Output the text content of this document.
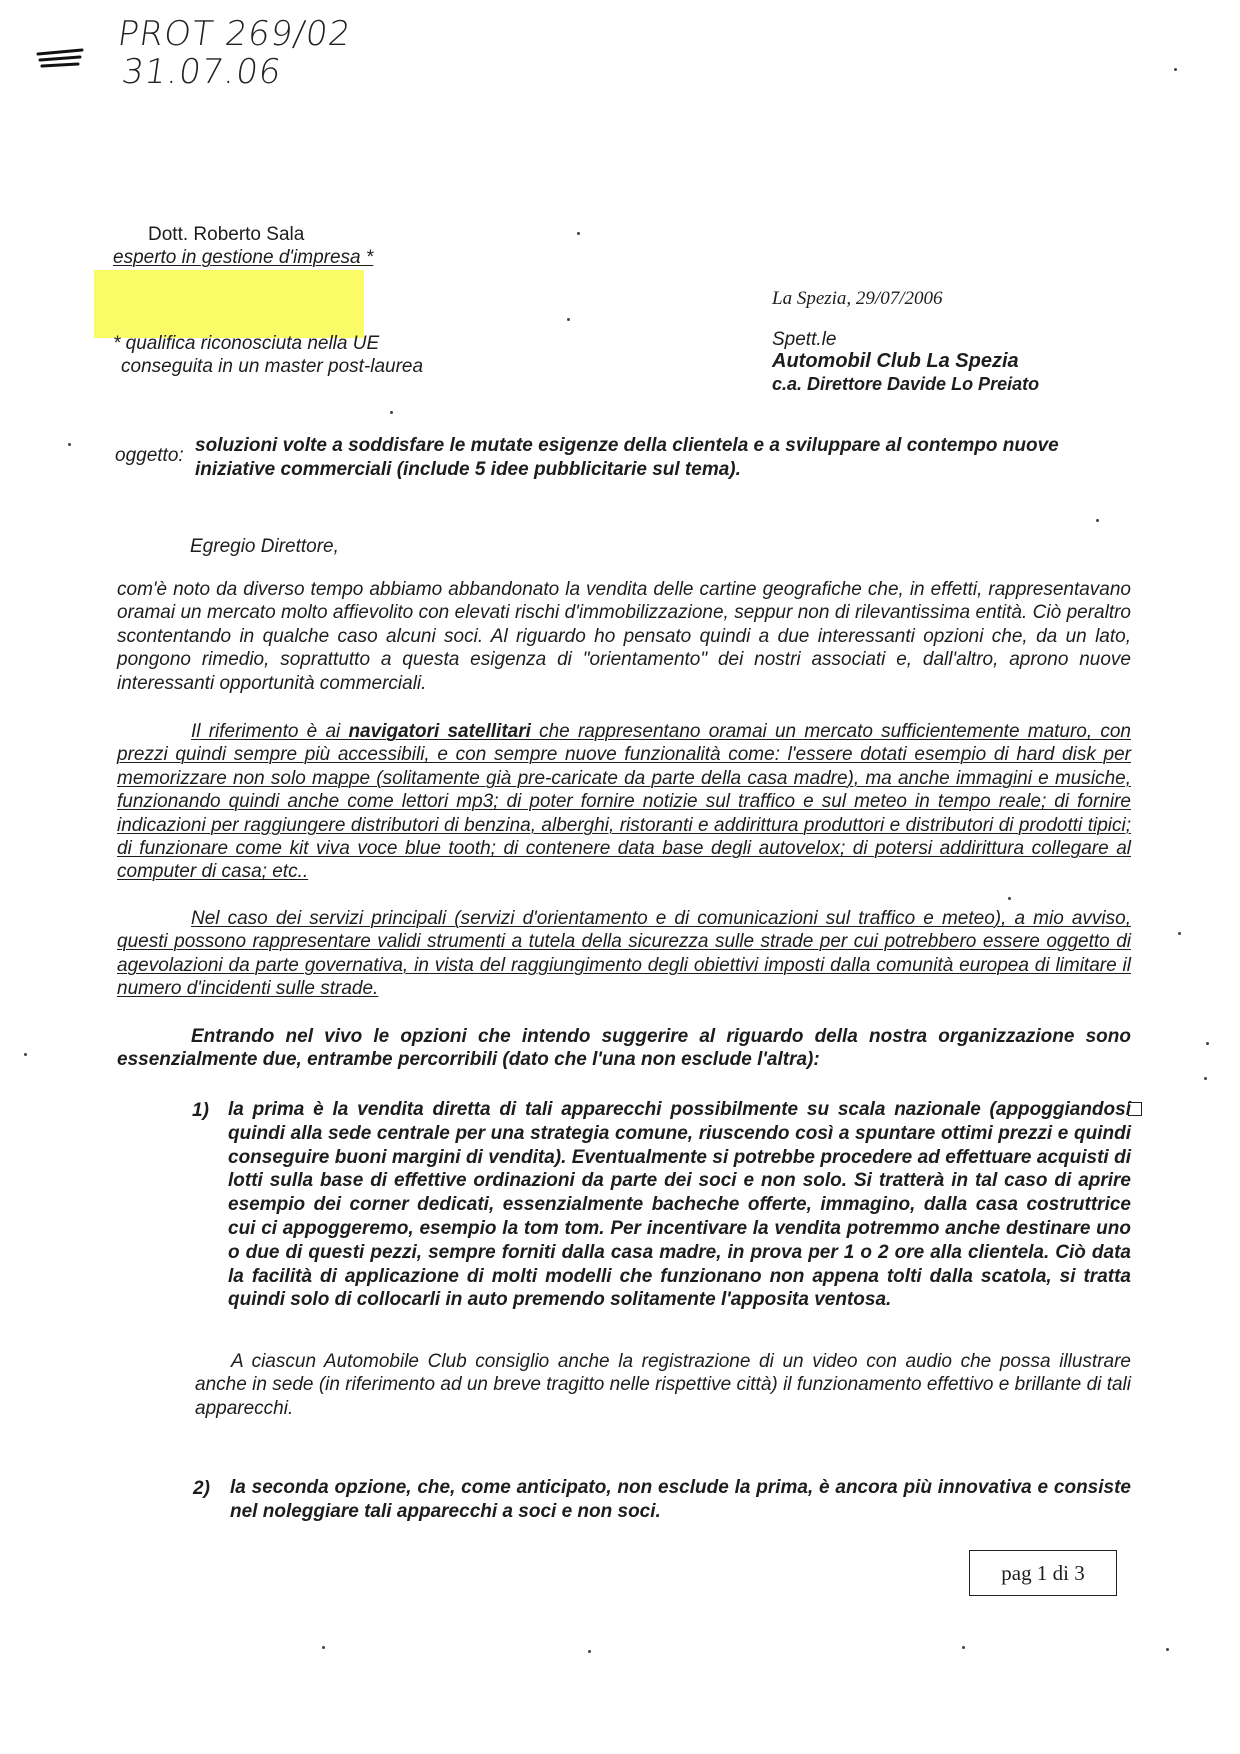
PROT 269/02
31.07.06
Dott. Roberto Sala
esperto in gestione d'impresa *
* qualifica riconosciuta nella UE
conseguita in un master post-laurea
La Spezia, 29/07/2006
Spett.le
Automobil Club La Spezia
c.a. Direttore Davide Lo Preiato
oggetto: soluzioni volte a soddisfare le mutate esigenze della clientela e a sviluppare al contempo nuove
iniziative commerciali (include 5 idee pubblicitarie sul tema).
Egregio Direttore,
com'è noto da diverso tempo abbiamo abbandonato la vendita delle cartine geografiche che, in effetti, rappresentavano oramai un mercato molto affievolito con elevati rischi d'immobilizzazione, seppur non di rilevantissima entità. Ciò peraltro scontentando in qualche caso alcuni soci. Al riguardo ho pensato quindi a due interessanti opzioni che, da un lato, pongono rimedio, soprattutto a questa esigenza di "orientamento" dei nostri associati e, dall'altro, aprono nuove interessanti opportunità commerciali.
Il riferimento è ai navigatori satellitari che rappresentano oramai un mercato sufficientemente maturo, con prezzi quindi sempre più accessibili, e con sempre nuove funzionalità come: l'essere dotati esempio di hard disk per memorizzare non solo mappe (solitamente già pre-caricate da parte della casa madre), ma anche immagini e musiche, funzionando quindi anche come lettori mp3; di poter fornire notizie sul traffico e sul meteo in tempo reale; di fornire indicazioni per raggiungere distributori di benzina, alberghi, ristoranti e addirittura produttori e distributori di prodotti tipici; di funzionare come kit viva voce blue tooth; di contenere data base degli autovelox; di potersi addirittura collegare al computer di casa; etc..
Nel caso dei servizi principali (servizi d'orientamento e di comunicazioni sul traffico e meteo), a mio avviso, questi possono rappresentare validi strumenti a tutela della sicurezza sulle strade per cui potrebbero essere oggetto di agevolazioni da parte governativa, in vista del raggiungimento degli obiettivi imposti dalla comunità europea di limitare il numero d'incidenti sulle strade.
Entrando nel vivo le opzioni che intendo suggerire al riguardo della nostra organizzazione sono essenzialmente due, entrambe percorribili (dato che l'una non esclude l'altra):
1) la prima è la vendita diretta di tali apparecchi possibilmente su scala nazionale (appoggiandosi quindi alla sede centrale per una strategia comune, riuscendo così a spuntare ottimi prezzi e quindi conseguire buoni margini di vendita). Eventualmente si potrebbe procedere ad effettuare acquisti di lotti sulla base di effettive ordinazioni da parte dei soci e non solo. Si tratterà in tal caso di aprire esempio dei corner dedicati, essenzialmente bacheche offerte, immagino, dalla casa costruttrice cui ci appoggeremo, esempio la tom tom. Per incentivare la vendita potremmo anche destinare uno o due di questi pezzi, sempre forniti dalla casa madre, in prova per 1 o 2 ore alla clientela. Ciò data la facilità di applicazione di molti modelli che funzionano non appena tolti dalla scatola, si tratta quindi solo di collocarli in auto premendo solitamente l'apposita ventosa.
A ciascun Automobile Club consiglio anche la registrazione di un video con audio che possa illustrare anche in sede (in riferimento ad un breve tragitto nelle rispettive città) il funzionamento effettivo e brillante di tali apparecchi.
2) la seconda opzione, che, come anticipato, non esclude la prima, è ancora più innovativa e consiste nel noleggiare tali apparecchi a soci e non soci.
pag 1 di 3
